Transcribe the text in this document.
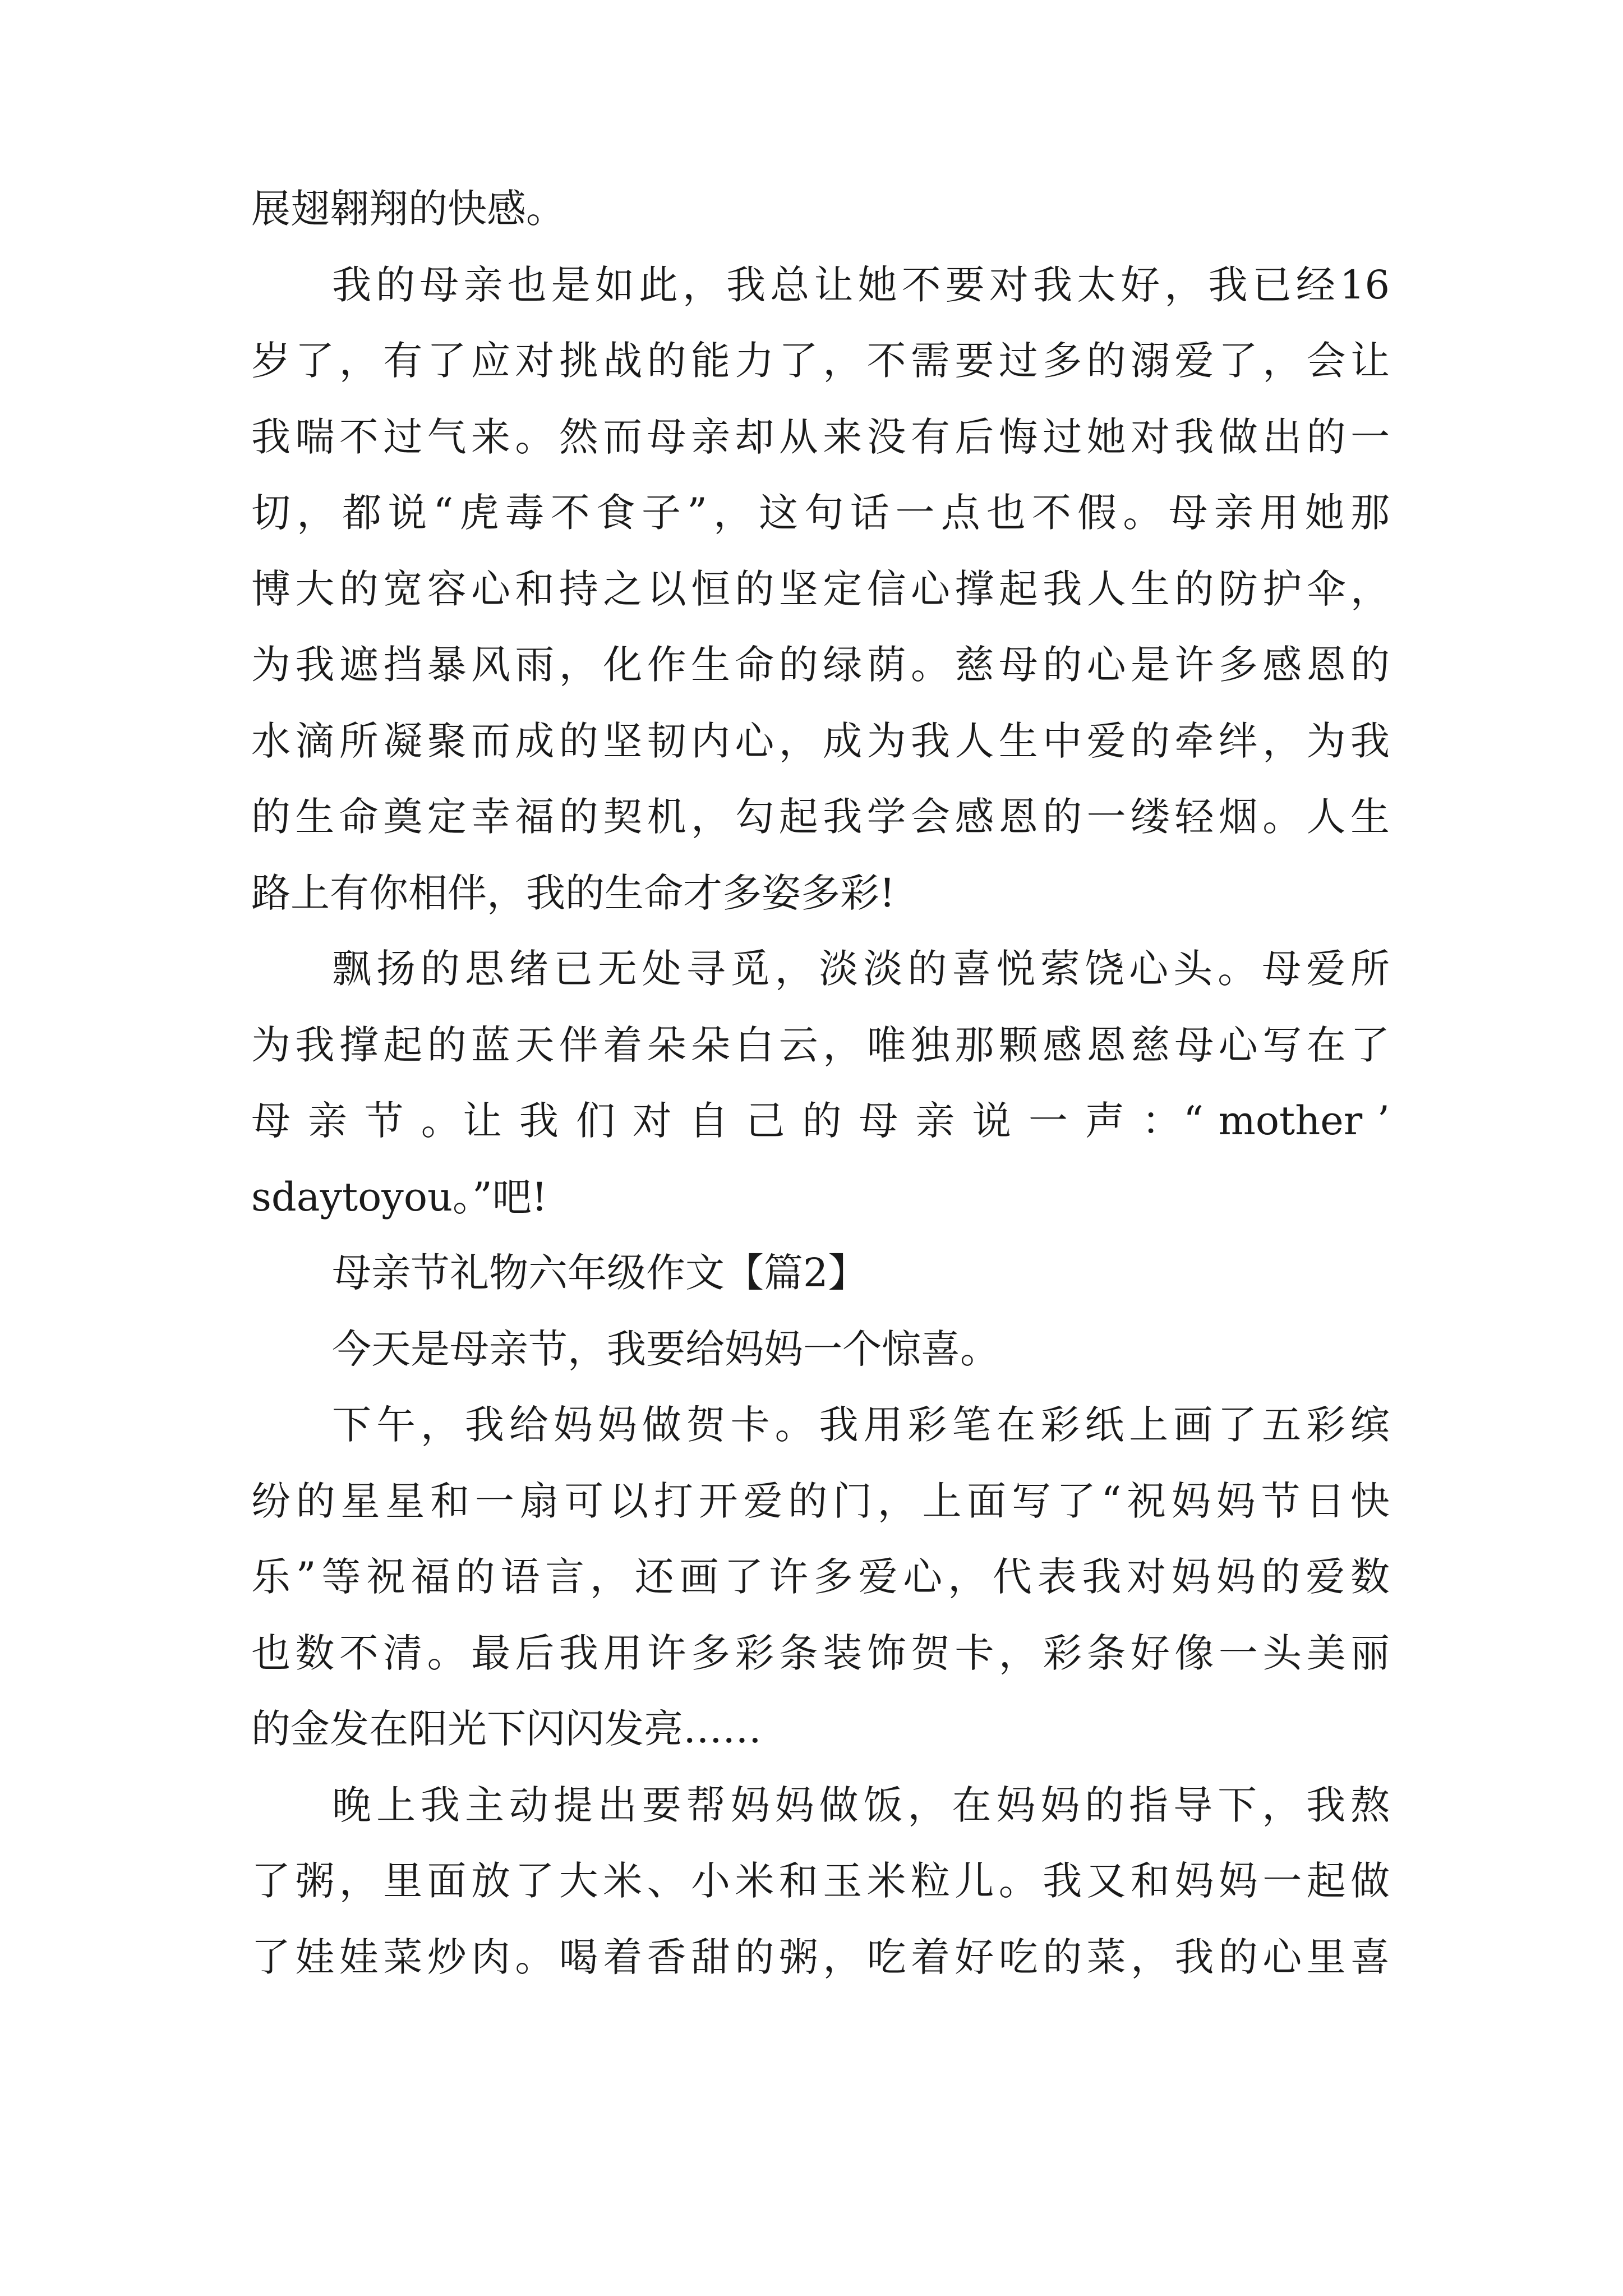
展翅翱翔的快感。
我的母亲也是如此，我总让她不要对我太好，我已经16
岁了，有了应对挑战的能力了，不需要过多的溺爱了，会让
我喘不过气来。然而母亲却从来没有后悔过她对我做出的一
切，都说“虎毒不食子”，这句话一点也不假。母亲用她那
博大的宽容心和持之以恒的坚定信心撑起我人生的防护伞，
为我遮挡暴风雨，化作生命的绿荫。慈母的心是许多感恩的
水滴所凝聚而成的坚韧内心，成为我人生中爱的牵绊，为我
的生命奠定幸福的契机，勾起我学会感恩的一缕轻烟。人生
路上有你相伴，我的生命才多姿多彩!
飘扬的思绪已无处寻觅，淡淡的喜悦萦饶心头。母爱所
为我撑起的蓝天伴着朵朵白云，唯独那颗感恩慈母心写在了
母 亲 节 。让 我 们 对 自 己 的 母 亲 说 一 声 ：“ mother ’
sdaytoyou。”吧!
母亲节礼物六年级作文【篇2】
今天是母亲节，我要给妈妈一个惊喜。
下午，我给妈妈做贺卡。我用彩笔在彩纸上画了五彩缤
纷的星星和一扇可以打开爱的门，上面写了“祝妈妈节日快
乐”等祝福的语言，还画了许多爱心，代表我对妈妈的爱数
也数不清。最后我用许多彩条装饰贺卡，彩条好像一头美丽
的金发在阳光下闪闪发亮……
晚上我主动提出要帮妈妈做饭，在妈妈的指导下，我熬
了粥，里面放了大米、小米和玉米粒儿。我又和妈妈一起做
了娃娃菜炒肉。喝着香甜的粥，吃着好吃的菜，我的心里喜
